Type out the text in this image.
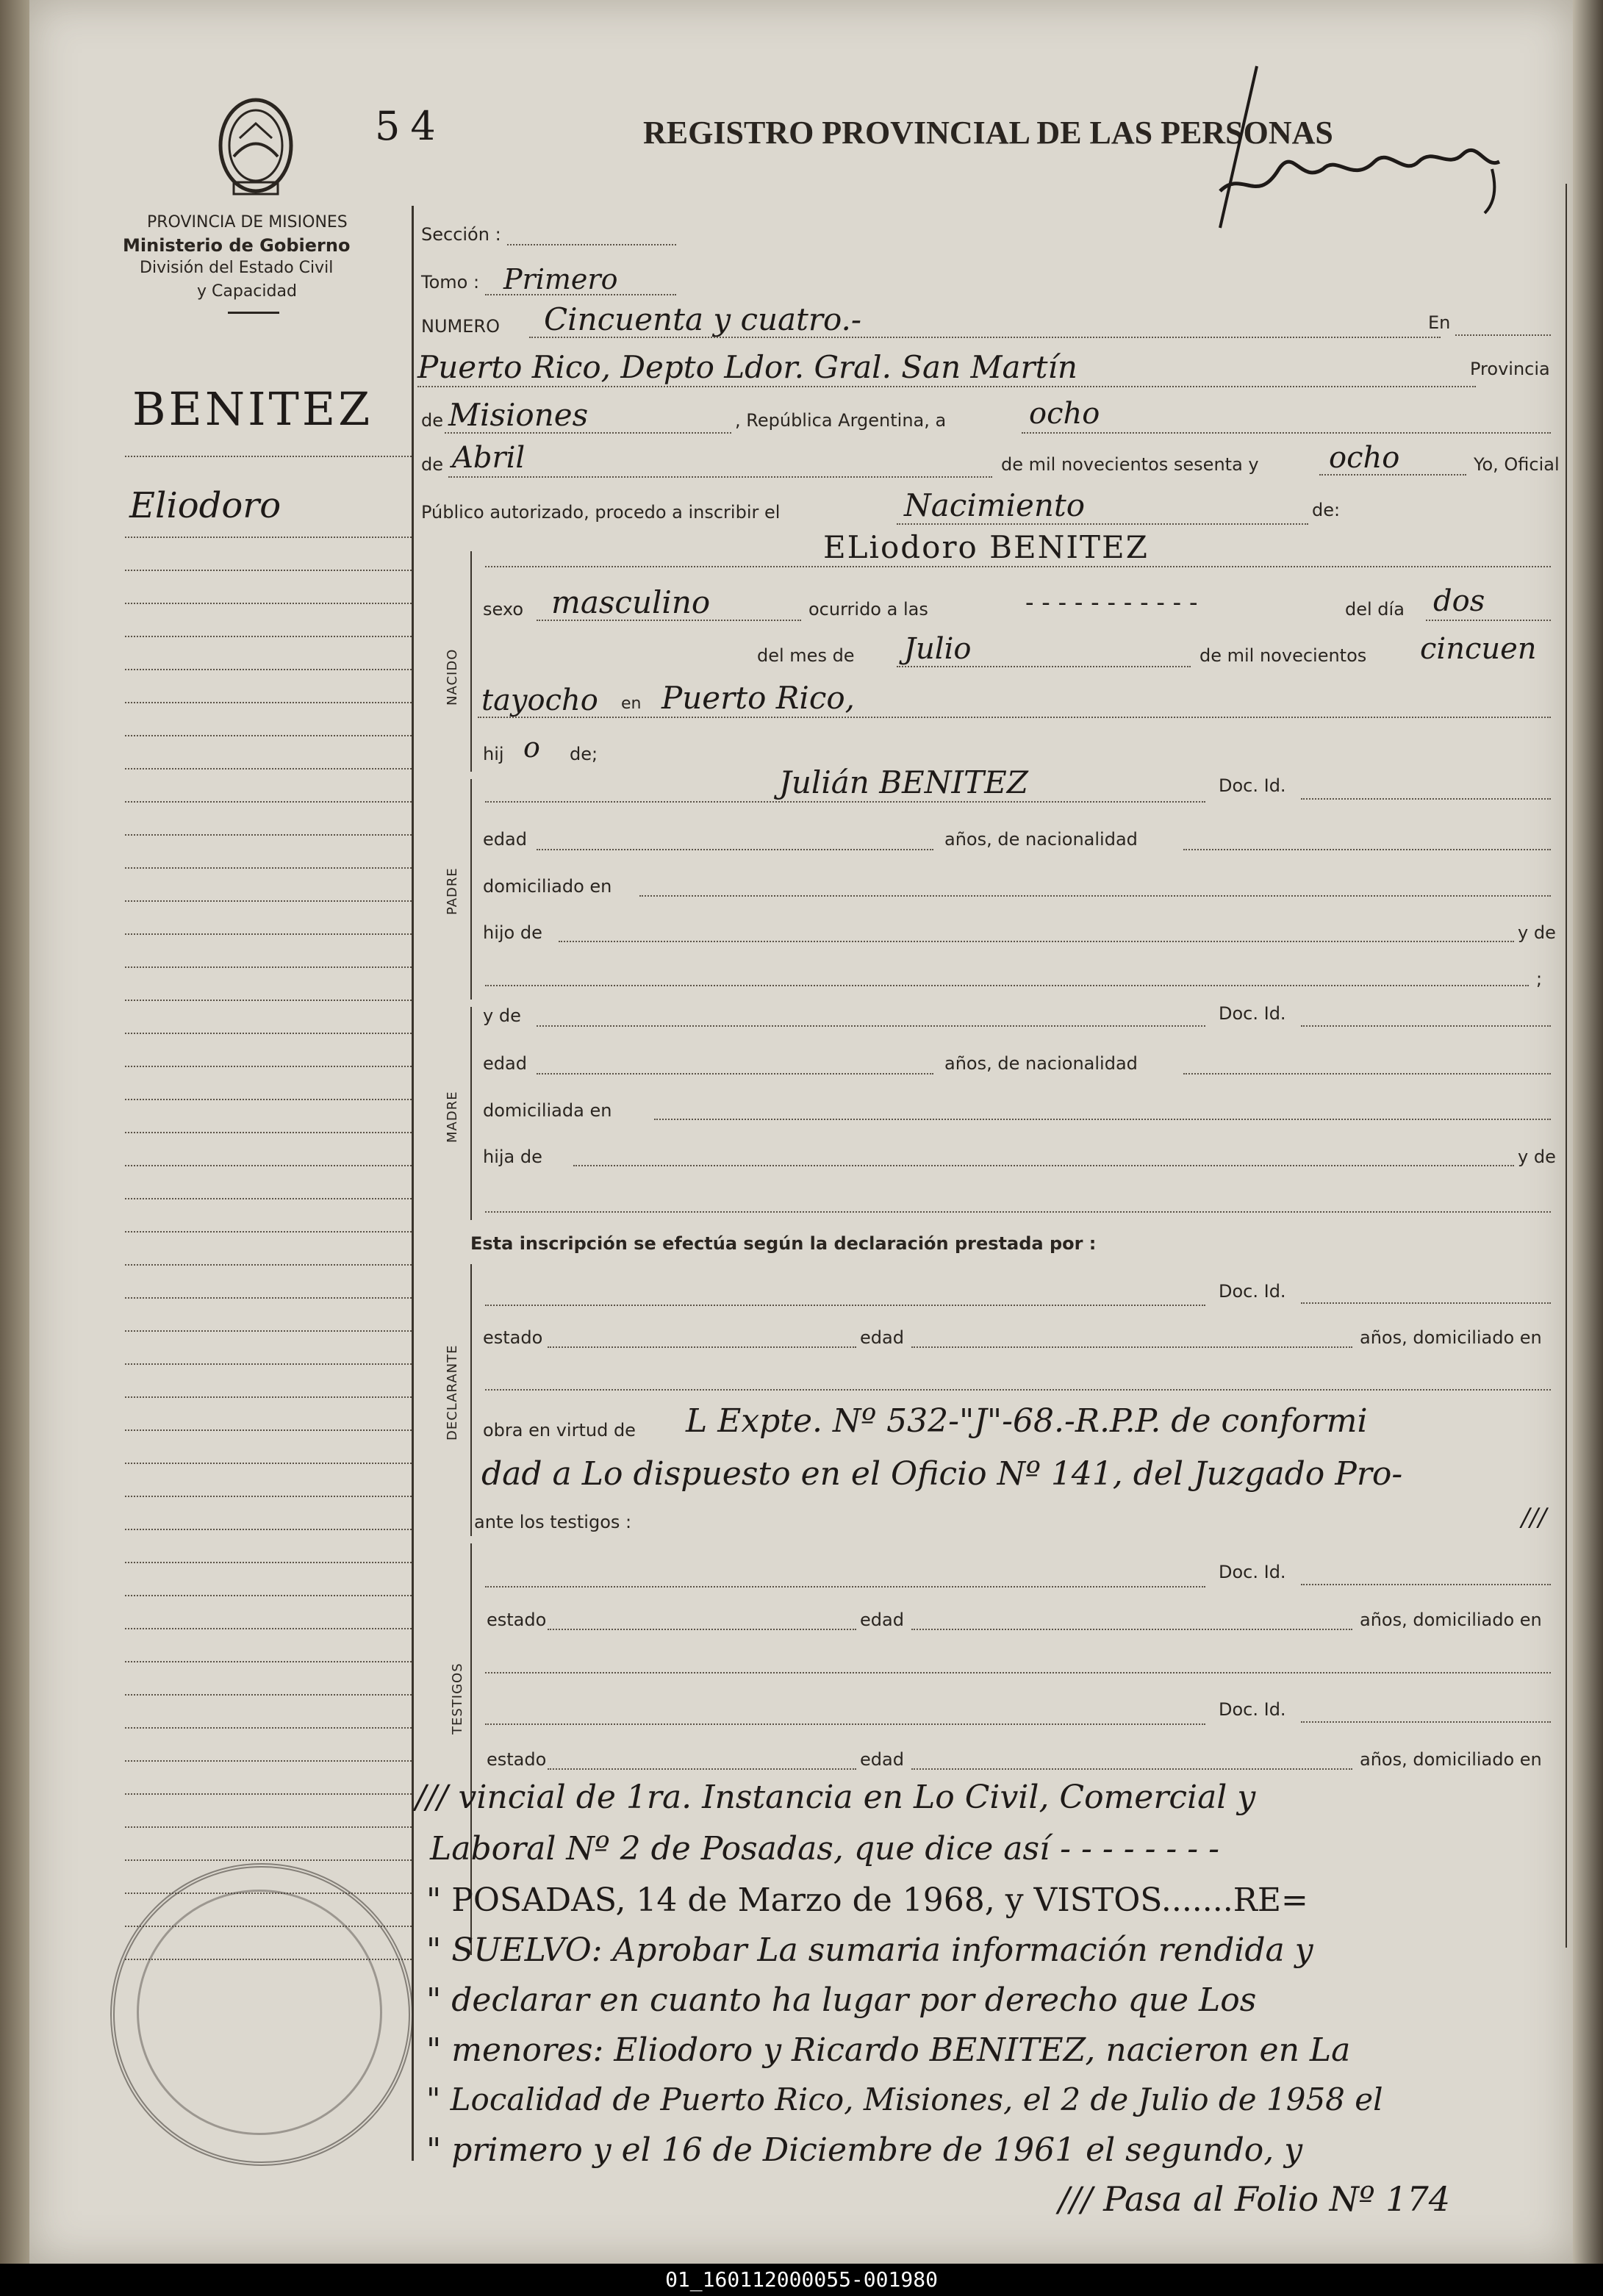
54	REGISTRO PROVINCIAL DE LAS PERSONAS
PROVINCIA DE MISIONES
Ministerio de Gobierno
División del Estado Civil
y Capacidad
BENITEZ
Eliodoro
Sección :
Tomo : Primero
NUMERO Cincuenta y cuatro.-	En
Puerto Rico, Depto Ldor. Gral. San Martín	Provincia
de Misiones	, República Argentina, a	ocho
de Abril	de mil novecientos sesenta y ocho	Yo, Oficial
Público autorizado, procedo a inscribir el	Nacimiento	de:
NACIDO
ELiodoro BENITEZ
sexo masculino	ocurrido a las	- - - - - - - - - - -	del día dos
del mes de Julio	de mil novecientos cincuen
tayocho en Puerto Rico,
hij o de;
PADRE
Julián BENITEZ	Doc. Id.
edad	años, de nacionalidad
domiciliado en
hijo de	y de
;
MADRE
y de	Doc. Id.
edad	años, de nacionalidad
domiciliada en
hija de	y de
Esta inscripción se efectúa según la declaración prestada por :
DECLARANTE
Doc. Id.
estado	edad	años, domiciliado en
obra en virtud de L Expte. Nº 532-"J"-68.-R.P.P. de conformi
dad a Lo dispuesto en el Oficio Nº 141, del Juzgado Pro-
ante los testigos :	///
TESTIGOS
Doc. Id.
estado	edad	años, domiciliado en
Doc. Id.
estado	edad	años, domiciliado en
/// vincial de 1ra. Instancia en Lo Civil, Comercial y
Laboral Nº 2 de Posadas, que dice así - - - - - - - -
" POSADAS, 14 de Marzo de 1968, y VISTOS.......RE=
" SUELVO: Aprobar La sumaria información rendida y
" declarar en cuanto ha lugar por derecho que Los
" menores: Eliodoro y Ricardo BENITEZ, nacieron en La
" Localidad de Puerto Rico, Misiones, el 2 de Julio de 1958 el
" primero y el 16 de Diciembre de 1961 el segundo, y
/// Pasa al Folio Nº 174
01_160112000055-001980
